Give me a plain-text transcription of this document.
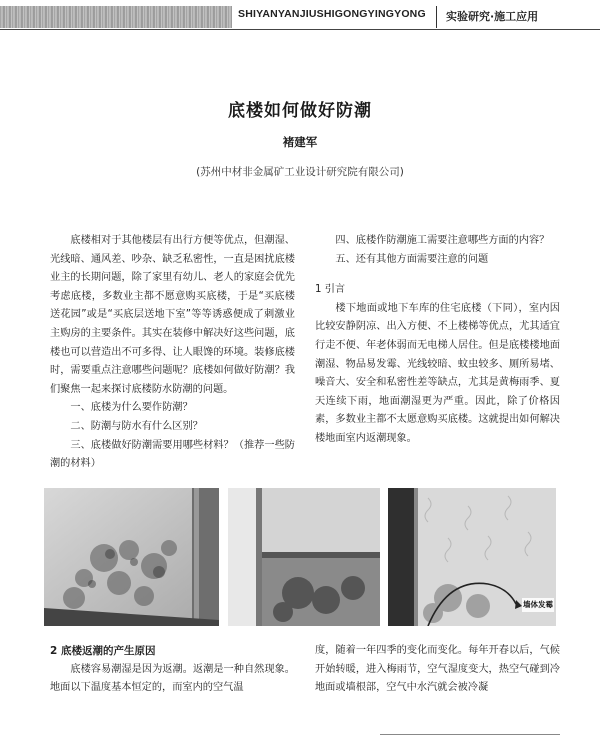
SHIYANYANJIUSHIGONGYINGYONG 实验研究·施工应用
底楼如何做好防潮
褚建军
(苏州中材非金属矿工业设计研究院有限公司)

底楼相对于其他楼层有出行方便等优点，但潮湿、光线暗、通风差、吵杂、缺乏私密性，一直是困扰底楼业主的长期问题，除了家里有幼儿、老人的家庭会优先考虑底楼，多数业主都不愿意购买底楼，于是“买底楼送花园”或是“买底层送地下室”等等诱惑便成了刺激业主购房的主要条件。其实在装修中解决好这些问题，底楼也可以营造出不可多得、让人眼馋的环境。装修底楼时，需要重点注意哪些问题呢？底楼如何做好防潮？我们聚焦一起来探讨底楼防水防潮的问题。

一、底楼为什么要作防潮？

二、防潮与防水有什么区别？

三、底楼做好防潮需要用哪些材料？（推荐一些防潮的材料）

四、底楼作防潮施工需要注意哪些方面的内容？

五、还有其他方面需要注意的问题

1 引言

楼下地面或地下车库的住宅底楼（下同），室内因比较安静阴凉、出入方便、不上楼梯等优点，尤其适宜行走不便、年老体弱而无电梯人居住。但是底楼楼地面潮湿、物品易发霉、光线较暗、蚊虫较多、厕所易堵、噪音大、安全和私密性差等缺点，尤其是黄梅雨季、夏天连续下雨，地面潮湿更为严重。因此，除了价格因素，多数业主都不太愿意购买底楼。这就提出如何解决楼地面室内返潮现象。

墙体发霉

2 底楼返潮的产生原因

底楼容易潮湿是因为返潮。返潮是一种自然现象。地面以下温度基本恒定的，而室内的空气温

度，随着一年四季的变化而变化。每年开春以后，气候开始转暖，进入梅雨节，空气湿度变大，热空气碰到冷地面或墙根部，空气中水汽就会被冷凝
